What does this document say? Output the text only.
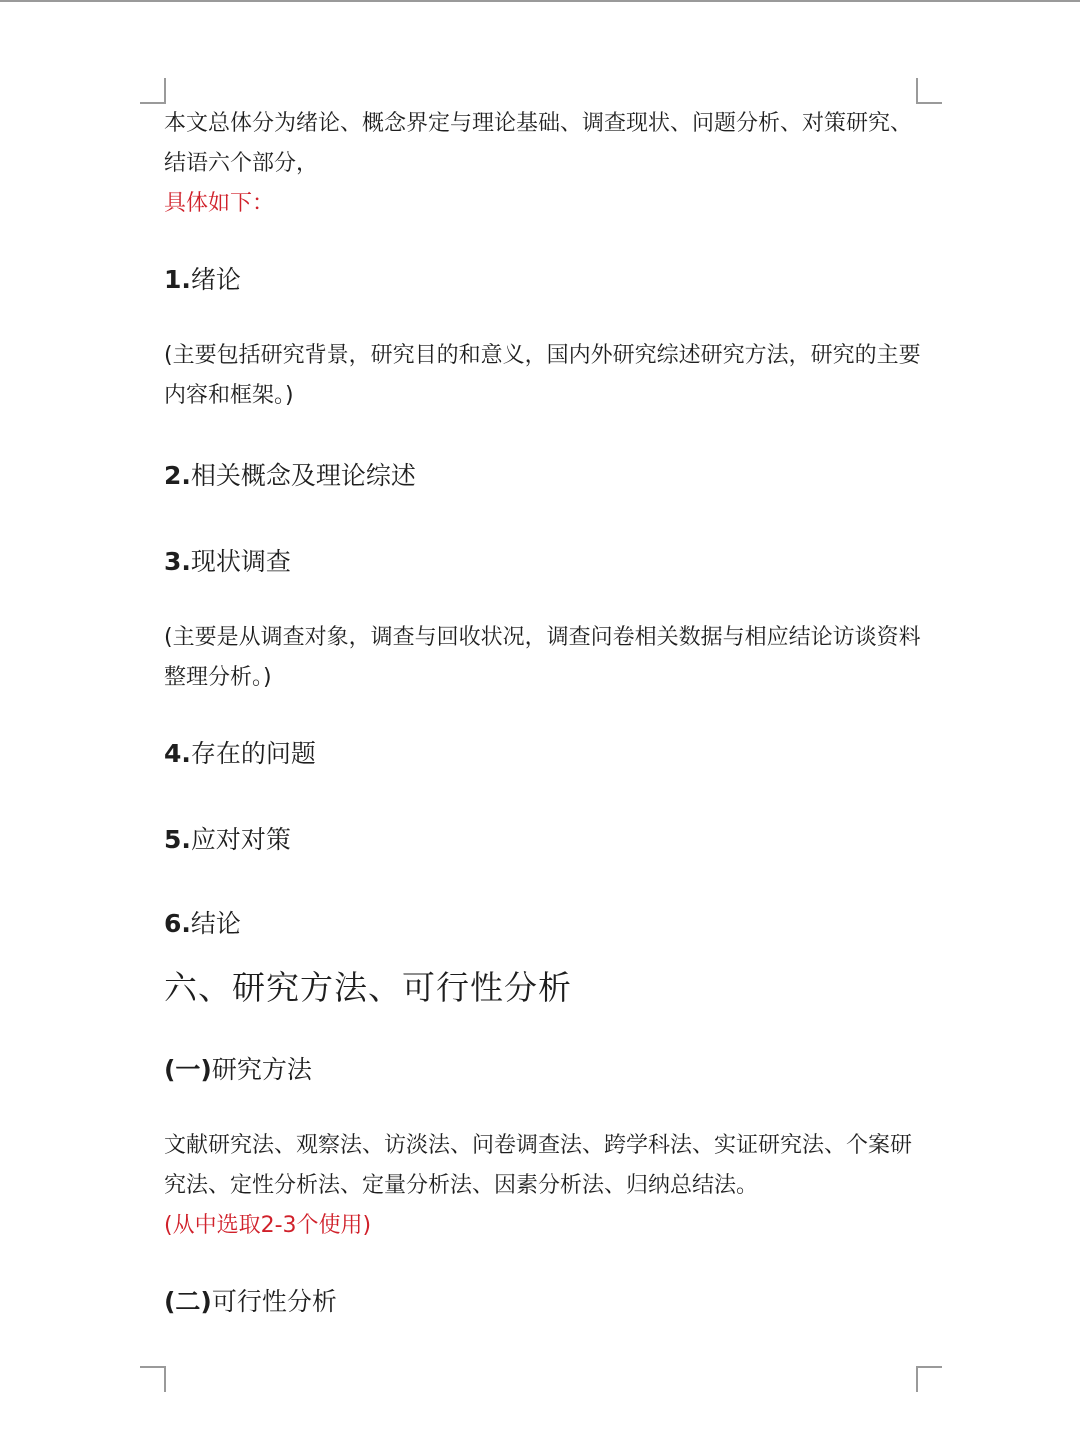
本文总体分为绪论、概念界定与理论基础、调查现状、问题分析、对策研究、结语六个部分，

具体如下：

1.绪论

(主要包括研究背景，研究目的和意义，国内外研究综述研究方法，研究的主要内容和框架。)

2.相关概念及理论综述

3.现状调查

(主要是从调查对象，调查与回收状况，调查问卷相关数据与相应结论访谈资料整理分析。)

4.存在的问题

5.应对对策

6.结论

六、研究方法、可行性分析

(一)研究方法

文献研究法、观察法、访淡法、问卷调查法、跨学科法、实证研究法、个案研究法、定性分析法、定量分析法、因素分析法、归纳总结法。

(从中选取2-3个使用)

(二)可行性分析
